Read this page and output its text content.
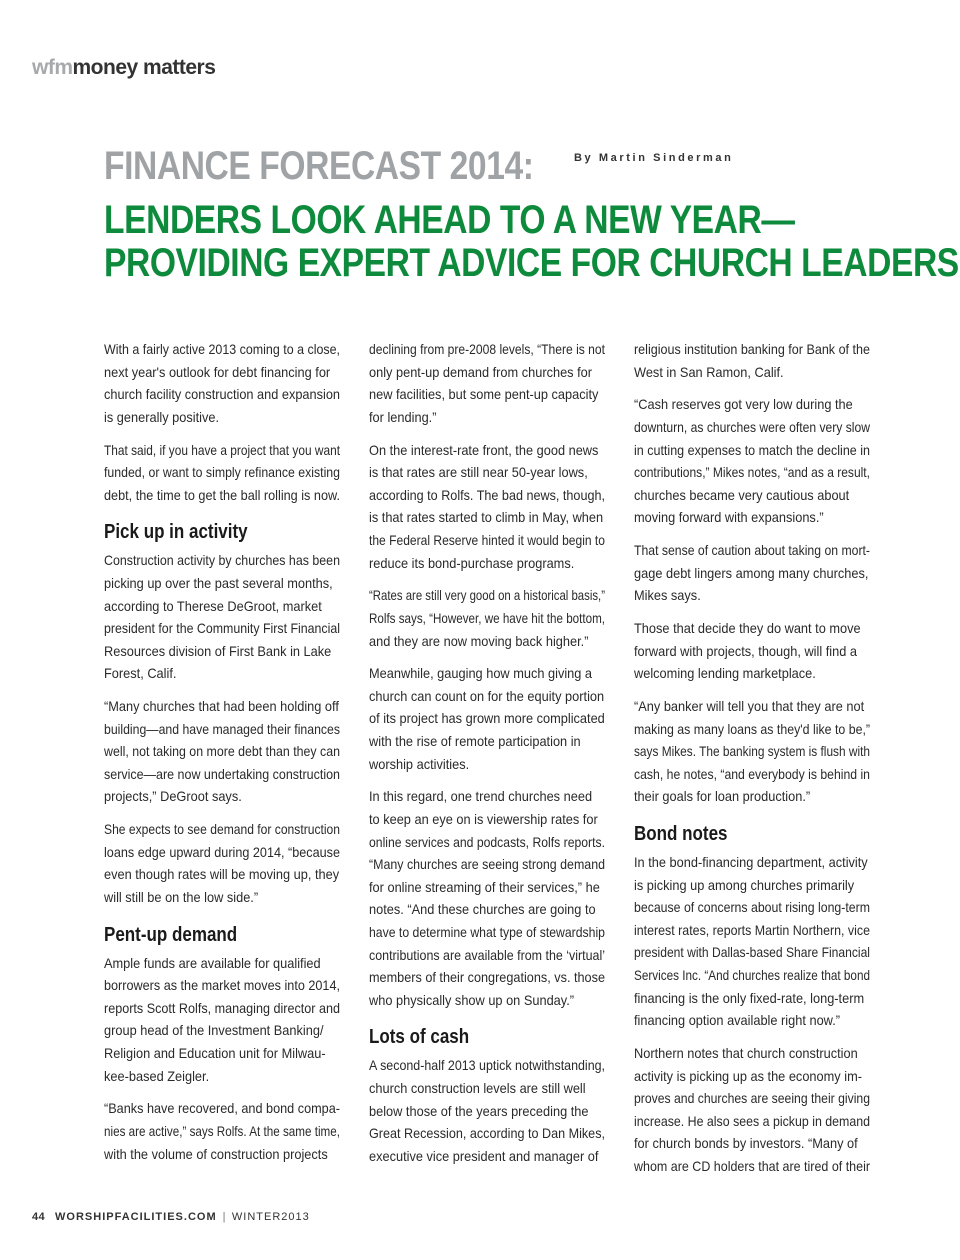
wfmmoney matters
FINANCE FORECAST 2014:	By Martin Sinderman
LENDERS LOOK AHEAD TO A NEW YEAR—
PROVIDING EXPERT ADVICE FOR CHURCH LEADERS

With a fairly active 2013 coming to a close,
next year's outlook for debt financing for
church facility construction and expansion
is generally positive.

That said, if you have a project that you want
funded, or want to simply refinance existing
debt, the time to get the ball rolling is now.

Pick up in activity

Construction activity by churches has been
picking up over the past several months,
according to Therese DeGroot, market
president for the Community First Financial
Resources division of First Bank in Lake
Forest, Calif.

“Many churches that had been holding off
building—and have managed their finances
well, not taking on more debt than they can
service—are now undertaking construction
projects,” DeGroot says.

She expects to see demand for construction
loans edge upward during 2014, “because
even though rates will be moving up, they
will still be on the low side.”

Pent-up demand

Ample funds are available for qualified
borrowers as the market moves into 2014,
reports Scott Rolfs, managing director and
group head of the Investment Banking/
Religion and Education unit for Milwau-
kee-based Zeigler.

“Banks have recovered, and bond compa-
nies are active,” says Rolfs. At the same time,
with the volume of construction projects

declining from pre-2008 levels, “There is not
only pent-up demand from churches for
new facilities, but some pent-up capacity
for lending.”

On the interest-rate front, the good news
is that rates are still near 50-year lows,
according to Rolfs. The bad news, though,
is that rates started to climb in May, when
the Federal Reserve hinted it would begin to
reduce its bond-purchase programs.

“Rates are still very good on a historical basis,”
Rolfs says, “However, we have hit the bottom,
and they are now moving back higher.”

Meanwhile, gauging how much giving a
church can count on for the equity portion
of its project has grown more complicated
with the rise of remote participation in
worship activities.

In this regard, one trend churches need
to keep an eye on is viewership rates for
online services and podcasts, Rolfs reports.
“Many churches are seeing strong demand
for online streaming of their services,” he
notes. “And these churches are going to
have to determine what type of stewardship
contributions are available from the ‘virtual’
members of their congregations, vs. those
who physically show up on Sunday.”

Lots of cash

A second-half 2013 uptick notwithstanding,
church construction levels are still well
below those of the years preceding the
Great Recession, according to Dan Mikes,
executive vice president and manager of

religious institution banking for Bank of the
West in San Ramon, Calif.

“Cash reserves got very low during the
downturn, as churches were often very slow
in cutting expenses to match the decline in
contributions,” Mikes notes, “and as a result,
churches became very cautious about
moving forward with expansions.”

That sense of caution about taking on mort-
gage debt lingers among many churches,
Mikes says.

Those that decide they do want to move
forward with projects, though, will find a
welcoming lending marketplace.

“Any banker will tell you that they are not
making as many loans as they'd like to be,”
says Mikes. The banking system is flush with
cash, he notes, “and everybody is behind in
their goals for loan production.”

Bond notes

In the bond-financing department, activity
is picking up among churches primarily
because of concerns about rising long-term
interest rates, reports Martin Northern, vice
president with Dallas-based Share Financial
Services Inc. “And churches realize that bond
financing is the only fixed-rate, long-term
financing option available right now.”

Northern notes that church construction
activity is picking up as the economy im-
proves and churches are seeing their giving
increase. He also sees a pickup in demand
for church bonds by investors. “Many of
whom are CD holders that are tired of their

44 WORSHIPFACILITIES.COM | WINTER2013
